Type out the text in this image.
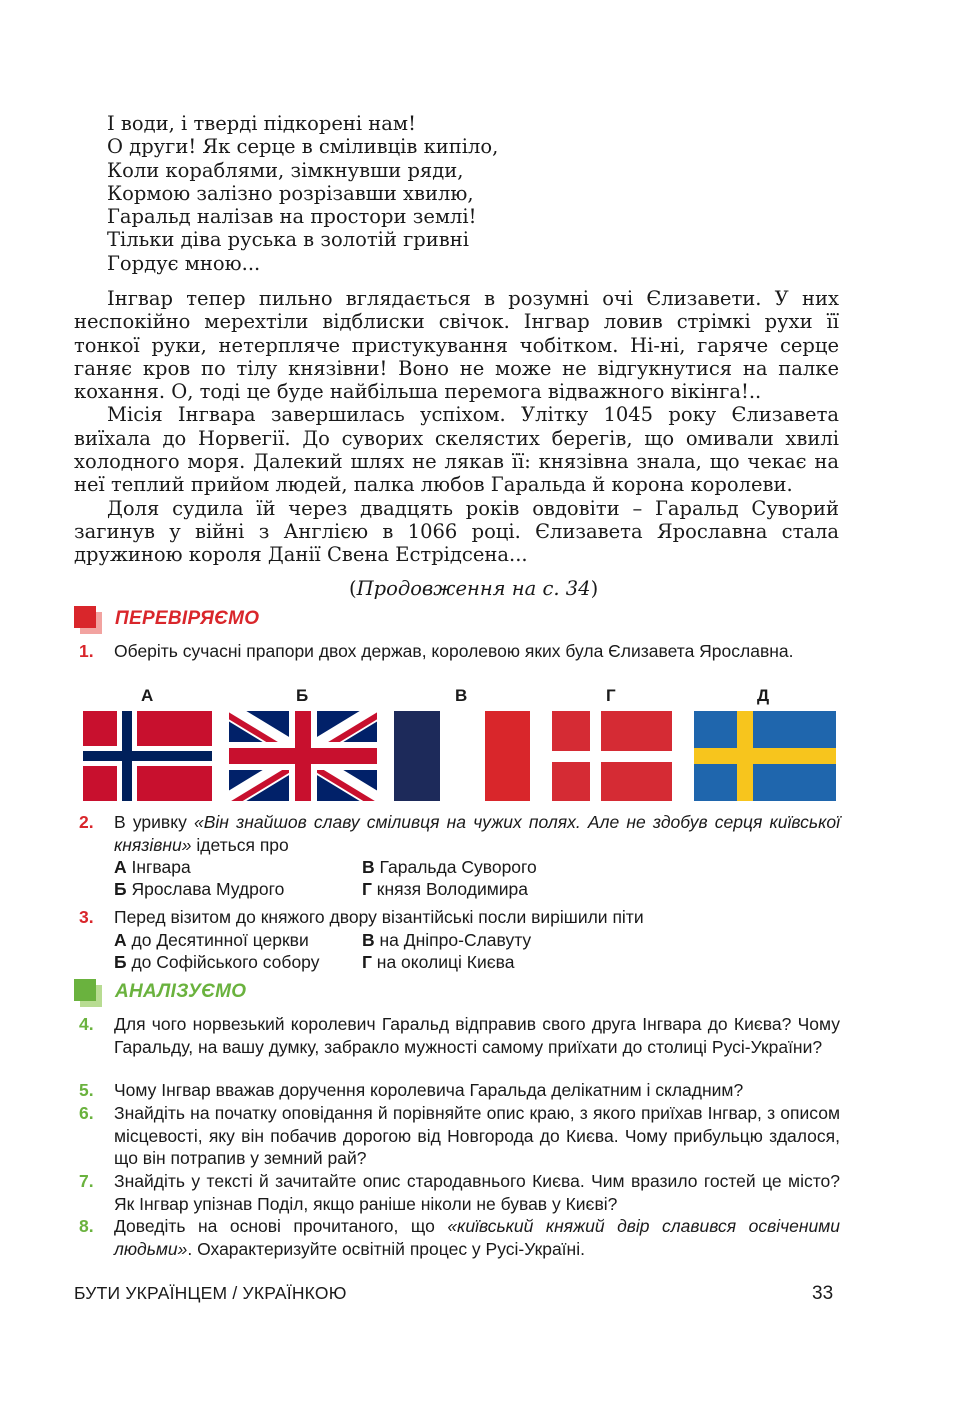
І води, і тверді підкорені нам!
О други! Як серце в сміливців кипіло,
Коли кораблями, зімкнувши ряди,
Кормою залізно розрізавши хвилю,
Гаральд налізав на простори землі!
Тільки діва руська в золотій гривні
Гордує мною...

Інгвар тепер пильно вглядається в розумні очі Єлизавети. У них неспокійно мерехтіли відблиски свічок. Інгвар ловив стрімкі рухи її тонкої руки, нетерпляче пристукування чобітком. Ні-ні, гаряче серце ганяє кров по тілу князівни! Воно не може не відгукнутися на палке кохання. О, тоді це буде найбільша перемога відважного вікінга!..

Місія Інгвара завершилась успіхом. Улітку 1045 року Єлизавета виїхала до Норвегії. До суворих скелястих берегів, що омивали хвилі холодного моря. Далекий шлях не лякав її: князівна знала, що чекає на неї теплий прийом людей, палка любов Гаральда й корона королеви.

Доля судила їй через двадцять років овдовіти – Гаральд Суворий загинув у війні з Англією в 1066 році. Єлизавета Ярославна стала дружиною короля Данії Свена Естрідсена...

(Продовження на с. 34)
ПЕРЕВІРЯЄМО
1. Оберіть сучасні прапори двох держав, королевою яких була Єлизавета Ярославна.
А	Б	В	Г	Д
2. В уривку «Він знайшов славу сміливця на чужих полях. Але не здобув серця київської князівни» ідеться про
А Інгвара	В Гаральда Суворого
Б Ярослава Мудрого	Г князя Володимира
3. Перед візитом до княжого двору візантійські посли вирішили піти
А до Десятинної церкви	В на Дніпро-Славуту
Б до Софійського собору Г на околиці Києва
АНАЛІЗУЄМО
4. Для чого норвезький королевич Гаральд відправив свого друга Інгвара до Києва? Чому Гаральду, на вашу думку, забракло мужності самому приїхати до столиці Русі-України?
5. Чому Інгвар вважав доручення королевича Гаральда делікатним і складним?
6. Знайдіть на початку оповідання й порівняйте опис краю, з якого приїхав Інгвар, з описом місцевості, яку він побачив дорогою від Новгорода до Києва. Чому прибульцю здалося, що він потрапив у земний рай?
7. Знайдіть у тексті й зачитайте опис стародавнього Києва. Чим вразило гостей це місто? Як Інгвар упізнав Поділ, якщо раніше ніколи не бував у Києві?
8. Доведіть на основі прочитаного, що «київський княжий двір славився освіченими людьми». Охарактеризуйте освітній процес у Русі-Україні.
БУТИ УКРАЇНЦЕМ / УКРАЇНКОЮ	33
